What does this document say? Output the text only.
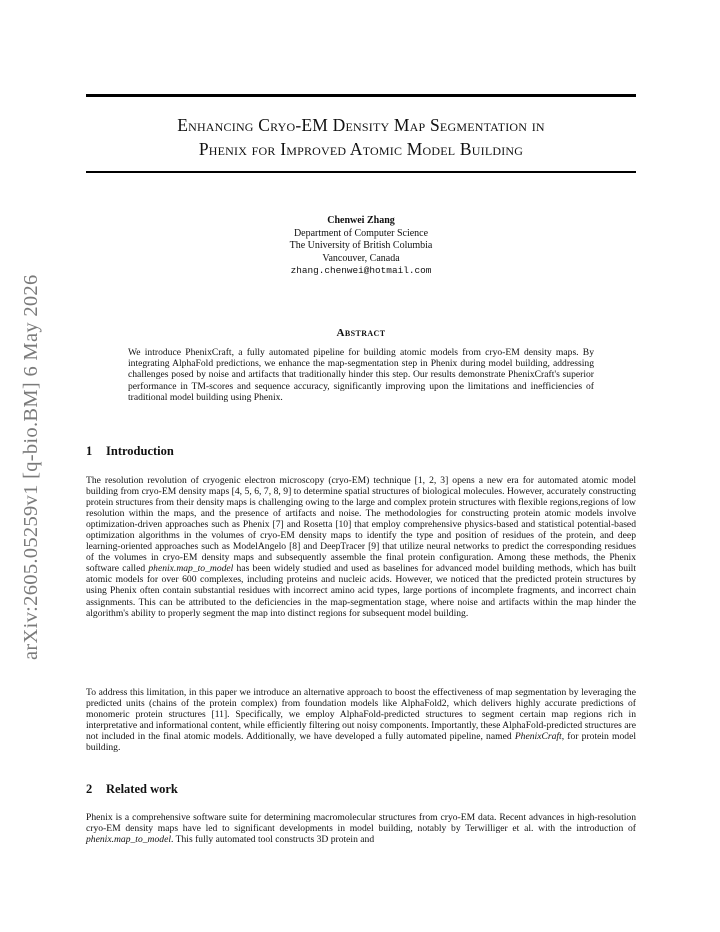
arXiv:2605.05259v1 [q-bio.BM] 6 May 2026
Enhancing Cryo-EM Density Map Segmentation in
Phenix for Improved Atomic Model Building
Chenwei Zhang
Department of Computer Science
The University of British Columbia
Vancouver, Canada
zhang.chenwei@hotmail.com
Abstract
We introduce PhenixCraft, a fully automated pipeline for building atomic models from cryo-EM density maps. By integrating AlphaFold predictions, we enhance the map-segmentation step in Phenix during model building, addressing challenges posed by noise and artifacts that traditionally hinder this step. Our results demonstrate PhenixCraft's superior performance in TM-scores and sequence accuracy, significantly improving upon the limitations and inefficiencies of traditional model building using Phenix.
1 Introduction
The resolution revolution of cryogenic electron microscopy (cryo-EM) technique [1, 2, 3] opens a new era for automated atomic model building from cryo-EM density maps [4, 5, 6, 7, 8, 9] to determine spatial structures of biological molecules. However, accurately constructing protein structures from their density maps is challenging owing to the large and complex protein structures with flexible regions,regions of low resolution within the maps, and the presence of artifacts and noise. The methodologies for constructing protein atomic models involve optimization-driven approaches such as Phenix [7] and Rosetta [10] that employ comprehensive physics-based and statistical potential-based optimization algorithms in the volumes of cryo-EM density maps to identify the type and position of residues of the protein, and deep learning-oriented approaches such as ModelAngelo [8] and DeepTracer [9] that utilize neural networks to predict the corresponding residues of the volumes in cryo-EM density maps and subsequently assemble the final protein configuration. Among these methods, the Phenix software called phenix.map_to_model has been widely studied and used as baselines for advanced model building methods, which has built atomic models for over 600 complexes, including proteins and nucleic acids. However, we noticed that the predicted protein structures by using Phenix often contain substantial residues with incorrect amino acid types, large portions of incomplete fragments, and incorrect chain assignments. This can be attributed to the deficiencies in the map-segmentation stage, where noise and artifacts within the map hinder the algorithm's ability to properly segment the map into distinct regions for subsequent model building.
To address this limitation, in this paper we introduce an alternative approach to boost the effectiveness of map segmentation by leveraging the predicted units (chains of the protein complex) from foundation models like AlphaFold2, which delivers highly accurate predictions of monomeric protein structures [11]. Specifically, we employ AlphaFold-predicted structures to segment certain map regions rich in interpretative and informational content, while efficiently filtering out noisy components. Importantly, these AlphaFold-predicted structures are not included in the final atomic models. Additionally, we have developed a fully automated pipeline, named PhenixCraft, for protein model building.
2 Related work
Phenix is a comprehensive software suite for determining macromolecular structures from cryo-EM data. Recent advances in high-resolution cryo-EM density maps have led to significant developments in model building, notably by Terwilliger et al. with the introduction of phenix.map_to_model. This fully automated tool constructs 3D protein and
